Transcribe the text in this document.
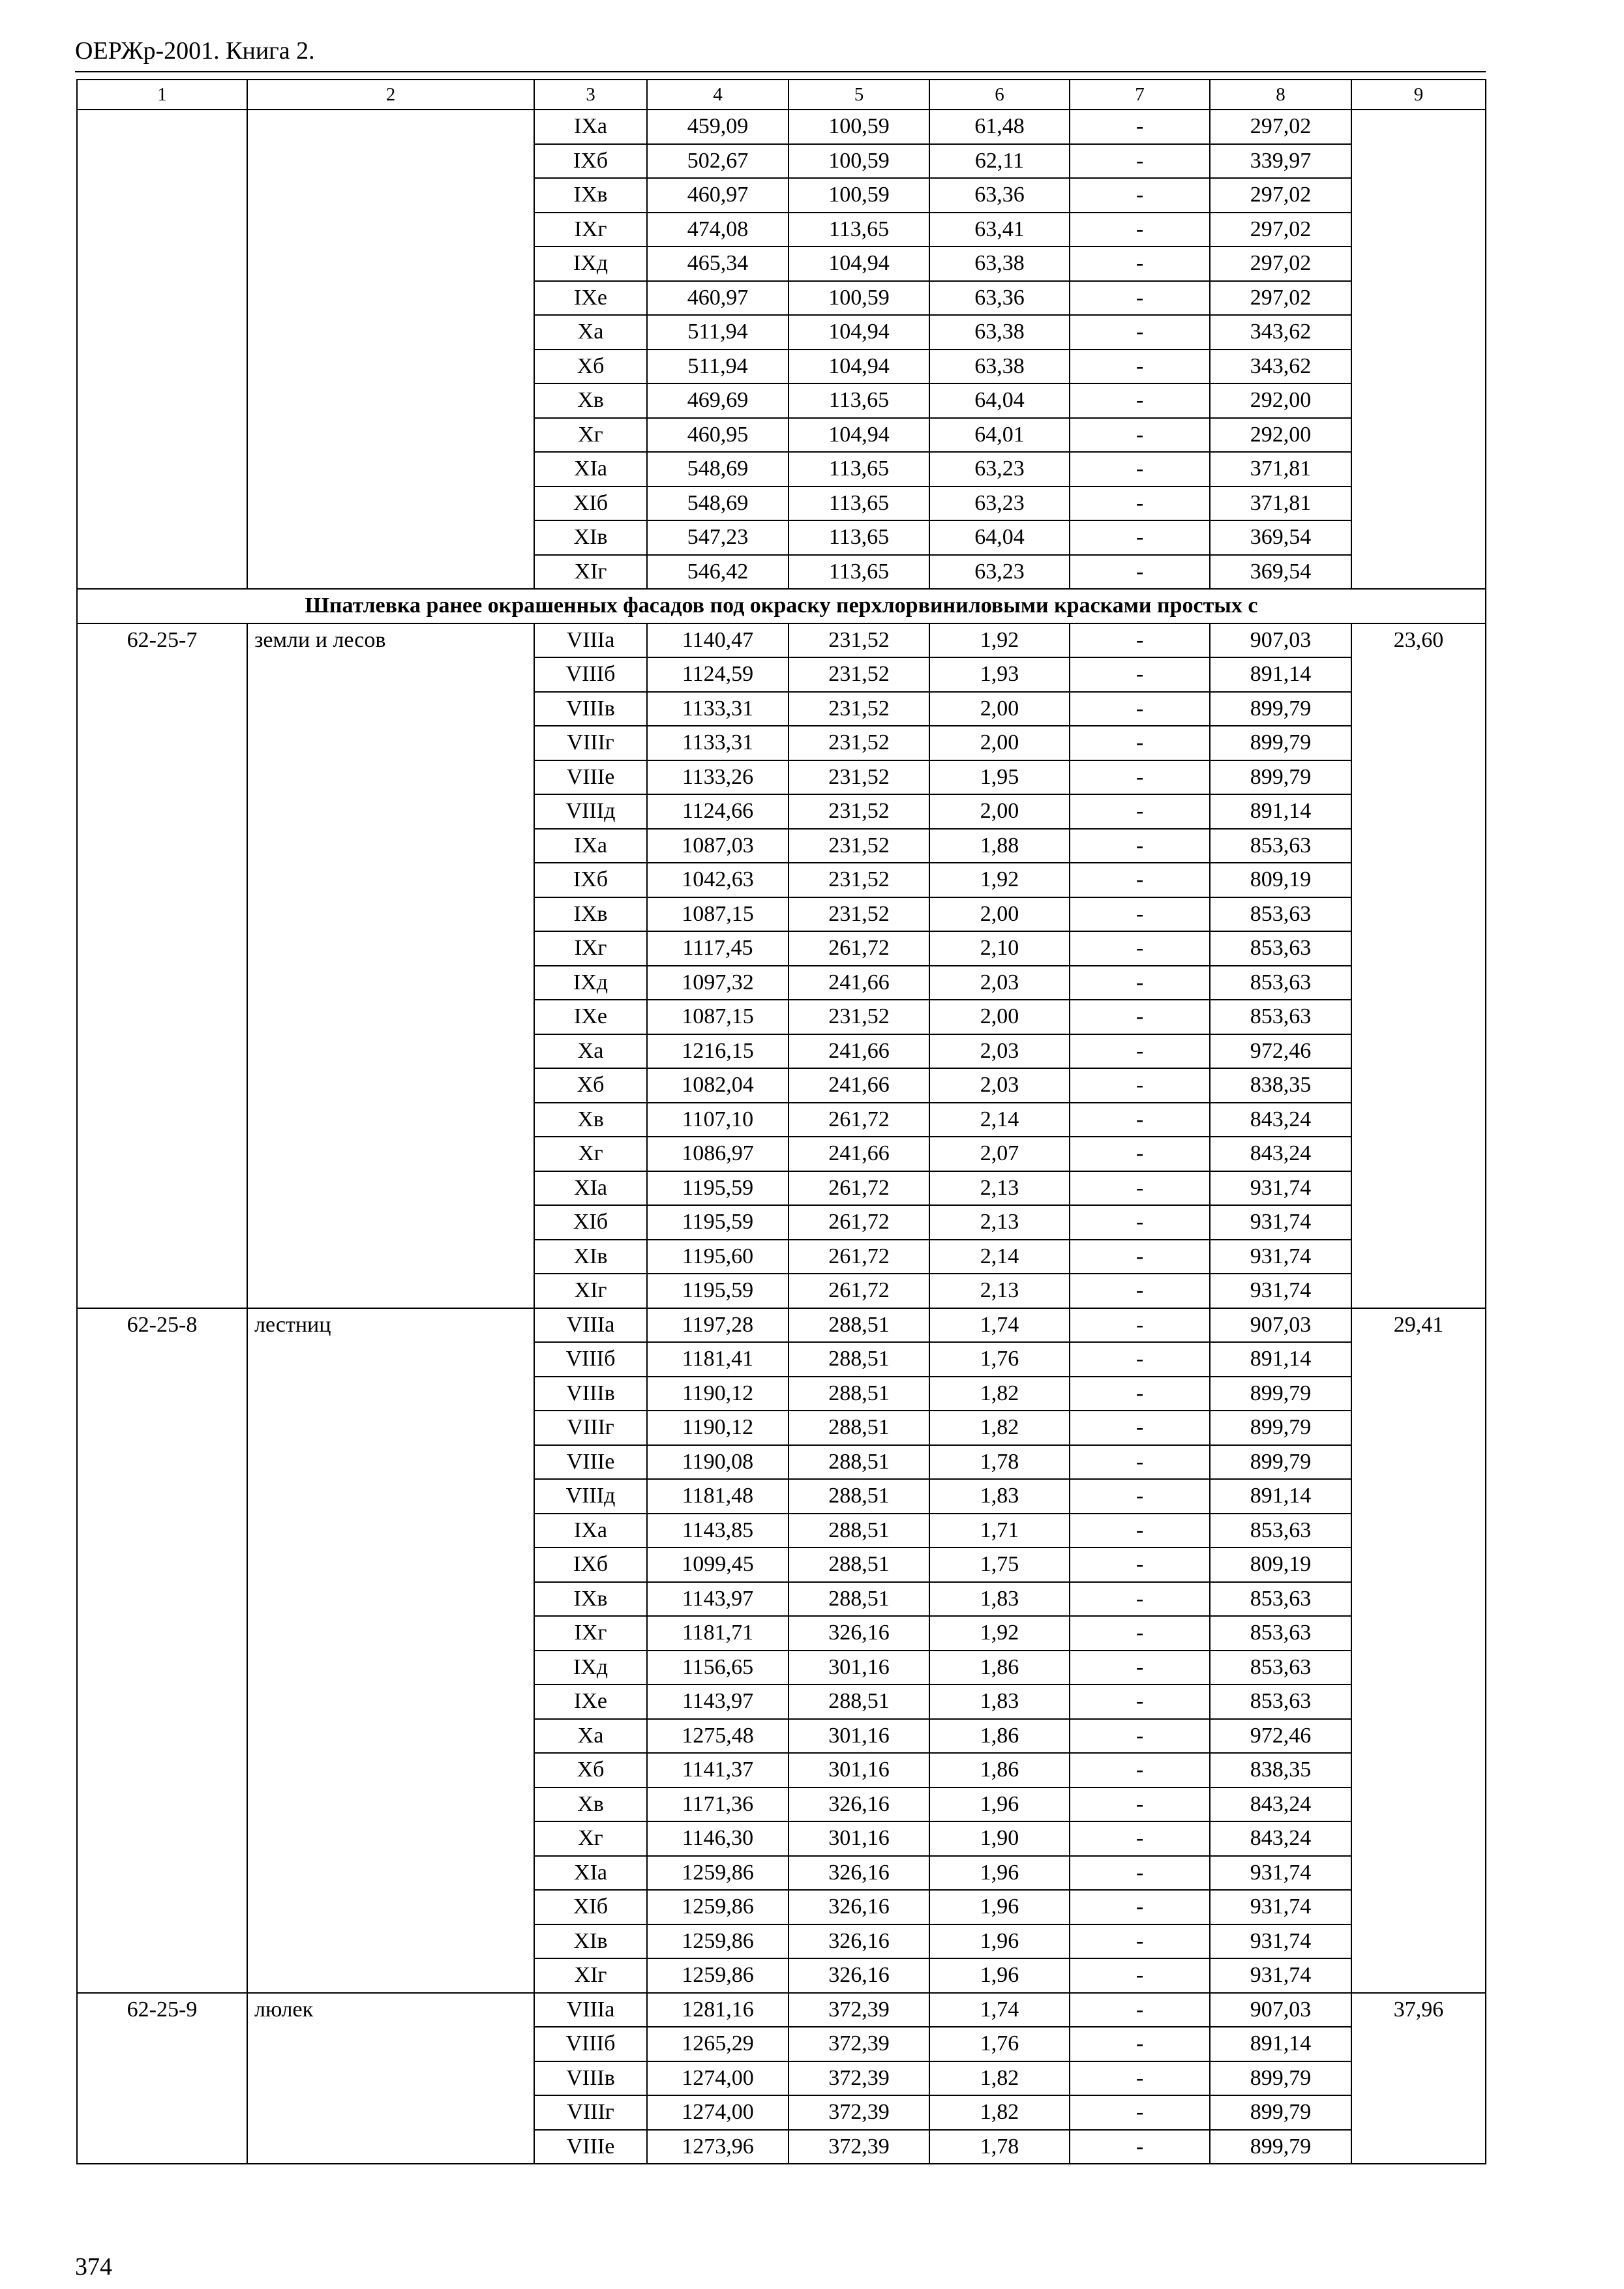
ОЕРЖр-2001. Книга 2.
1	2	3	4	5	6	7	8	9
		IXa	459,09	100,59	61,48	-	297,02	
		IXб	502,67	100,59	62,11	-	339,97	
		IXв	460,97	100,59	63,36	-	297,02	
		IXг	474,08	113,65	63,41	-	297,02	
		IXд	465,34	104,94	63,38	-	297,02	
		IXe	460,97	100,59	63,36	-	297,02	
		Xa	511,94	104,94	63,38	-	343,62	
		Xб	511,94	104,94	63,38	-	343,62	
		Xв	469,69	113,65	64,04	-	292,00	
		Xг	460,95	104,94	64,01	-	292,00	
		XIa	548,69	113,65	63,23	-	371,81	
		XIб	548,69	113,65	63,23	-	371,81	
		XIв	547,23	113,65	64,04	-	369,54	
		XIг	546,42	113,65	63,23	-	369,54	
Шпатлевка ранее окрашенных фасадов под окраску перхлорвиниловыми красками простых с								
62-25-7	земли и лесов	VIIIa	1140,47	231,52	1,92	-	907,03	23,60
		VIIIб	1124,59	231,52	1,93	-	891,14	
		VIIIв	1133,31	231,52	2,00	-	899,79	
		VIIIг	1133,31	231,52	2,00	-	899,79	
		VIIIe	1133,26	231,52	1,95	-	899,79	
		VIIIд	1124,66	231,52	2,00	-	891,14	
		IXa	1087,03	231,52	1,88	-	853,63	
		IXб	1042,63	231,52	1,92	-	809,19	
		IXв	1087,15	231,52	2,00	-	853,63	
		IXг	1117,45	261,72	2,10	-	853,63	
		IXд	1097,32	241,66	2,03	-	853,63	
		IXe	1087,15	231,52	2,00	-	853,63	
		Xa	1216,15	241,66	2,03	-	972,46	
		Xб	1082,04	241,66	2,03	-	838,35	
		Xв	1107,10	261,72	2,14	-	843,24	
		Xг	1086,97	241,66	2,07	-	843,24	
		XIa	1195,59	261,72	2,13	-	931,74	
		XIб	1195,59	261,72	2,13	-	931,74	
		XIв	1195,60	261,72	2,14	-	931,74	
		XIг	1195,59	261,72	2,13	-	931,74	
62-25-8	лестниц	VIIIa	1197,28	288,51	1,74	-	907,03	29,41
		VIIIб	1181,41	288,51	1,76	-	891,14	
		VIIIв	1190,12	288,51	1,82	-	899,79	
		VIIIг	1190,12	288,51	1,82	-	899,79	
		VIIIe	1190,08	288,51	1,78	-	899,79	
		VIIIд	1181,48	288,51	1,83	-	891,14	
		IXa	1143,85	288,51	1,71	-	853,63	
		IXб	1099,45	288,51	1,75	-	809,19	
		IXв	1143,97	288,51	1,83	-	853,63	
		IXг	1181,71	326,16	1,92	-	853,63	
		IXд	1156,65	301,16	1,86	-	853,63	
		IXe	1143,97	288,51	1,83	-	853,63	
		Xa	1275,48	301,16	1,86	-	972,46	
		Xб	1141,37	301,16	1,86	-	838,35	
		Xв	1171,36	326,16	1,96	-	843,24	
		Xг	1146,30	301,16	1,90	-	843,24	
		XIa	1259,86	326,16	1,96	-	931,74	
		XIб	1259,86	326,16	1,96	-	931,74	
		XIв	1259,86	326,16	1,96	-	931,74	
		XIг	1259,86	326,16	1,96	-	931,74	
62-25-9	люлек	VIIIa	1281,16	372,39	1,74	-	907,03	37,96
		VIIIб	1265,29	372,39	1,76	-	891,14	
		VIIIв	1274,00	372,39	1,82	-	899,79	
		VIIIг	1274,00	372,39	1,82	-	899,79	
		VIIIe	1273,96	372,39	1,78	-	899,79	
374
